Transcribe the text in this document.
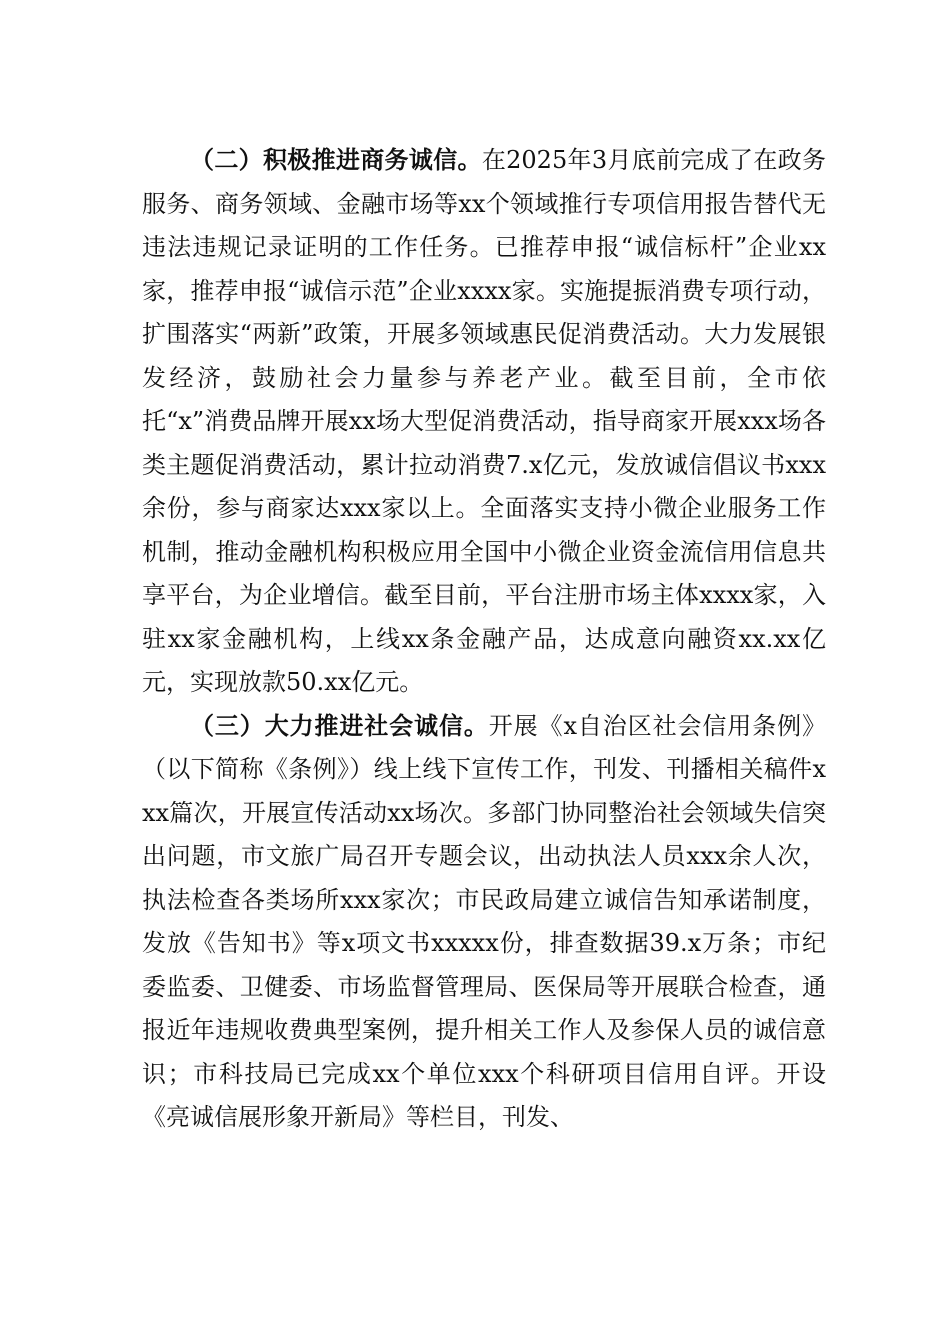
（二）积极推进商务诚信。在2025年3月底前完成了在政务服务、商务领域、金融市场等xx个领域推行专项信用报告替代无违法违规记录证明的工作任务。已推荐申报“诚信标杆”企业xx家，推荐申报“诚信示范”企业xxxx家。实施提振消费专项行动，扩围落实“两新”政策，开展多领域惠民促消费活动。大力发展银发经济，鼓励社会力量参与养老产业。截至目前，全市依托“x”消费品牌开展xx场大型促消费活动，指导商家开展xxx场各类主题促消费活动，累计拉动消费7.x亿元，发放诚信倡议书xxx余份，参与商家达xxx家以上。全面落实支持小微企业服务工作机制，推动金融机构积极应用全国中小微企业资金流信用信息共享平台，为企业增信。截至目前，平台注册市场主体xxxx家，入驻xx家金融机构，上线xx条金融产品，达成意向融资xx.xx亿元，实现放款50.xx亿元。

（三）大力推进社会诚信。开展《x自治区社会信用条例》（以下简称《条例》）线上线下宣传工作，刊发、刊播相关稿件xxx篇次，开展宣传活动xx场次。多部门协同整治社会领域失信突出问题，市文旅广局召开专题会议，出动执法人员xxx余人次，执法检查各类场所xxx家次；市民政局建立诚信告知承诺制度，发放《告知书》等x项文书xxxxx份，排查数据39.x万条；市纪委监委、卫健委、市场监督管理局、医保局等开展联合检查，通报近年违规收费典型案例，提升相关工作人及参保人员的诚信意识；市科技局已完成xx个单位xxx个科研项目信用自评。开设《亮诚信展形象开新局》等栏目，刊发、
